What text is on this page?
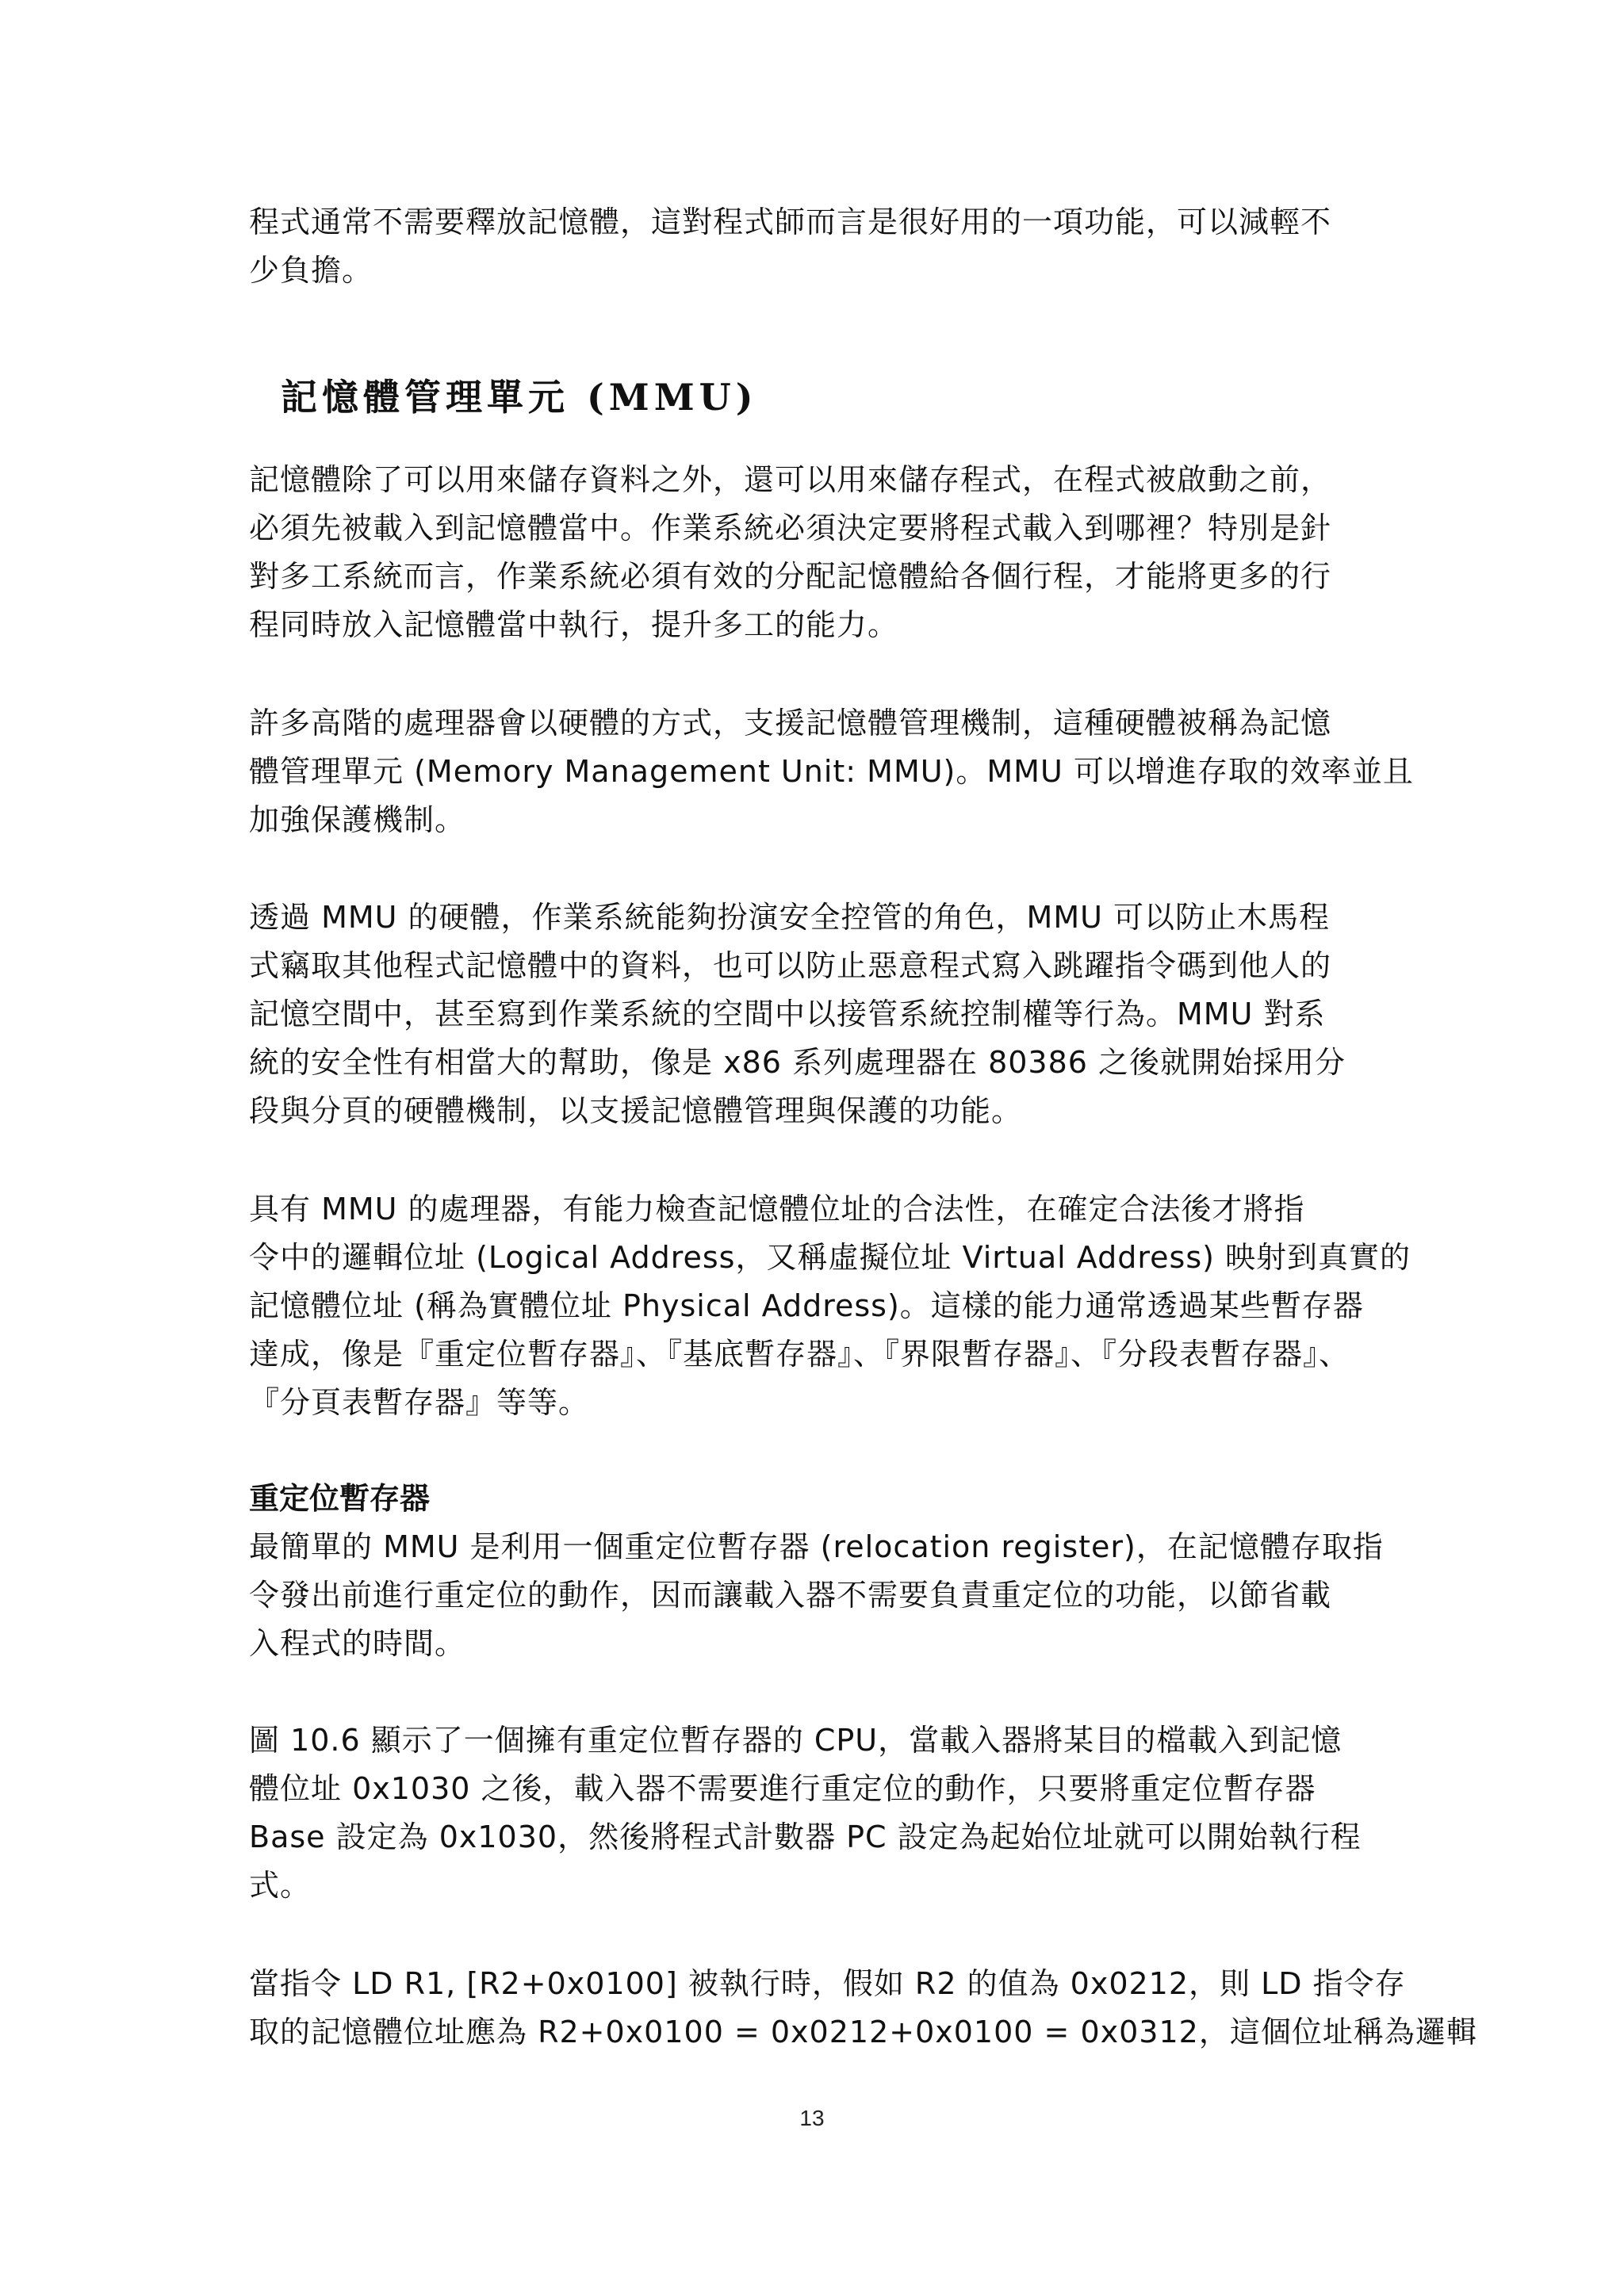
程式通常不需要釋放記憶體，這對程式師而言是很好用的一項功能，可以減輕不
少負擔。

記憶體管理單元 (MMU)

記憶體除了可以用來儲存資料之外，還可以用來儲存程式，在程式被啟動之前，
必須先被載入到記憶體當中。作業系統必須決定要將程式載入到哪裡？特別是針
對多工系統而言，作業系統必須有效的分配記憶體給各個行程，才能將更多的行
程同時放入記憶體當中執行，提升多工的能力。

許多高階的處理器會以硬體的方式，支援記憶體管理機制，這種硬體被稱為記憶
體管理單元 (Memory Management Unit: MMU)。MMU 可以增進存取的效率並且
加強保護機制。

透過 MMU 的硬體，作業系統能夠扮演安全控管的角色，MMU 可以防止木馬程
式竊取其他程式記憶體中的資料，也可以防止惡意程式寫入跳躍指令碼到他人的
記憶空間中，甚至寫到作業系統的空間中以接管系統控制權等行為。MMU 對系
統的安全性有相當大的幫助，像是 x86 系列處理器在 80386 之後就開始採用分
段與分頁的硬體機制，以支援記憶體管理與保護的功能。

具有 MMU 的處理器，有能力檢查記憶體位址的合法性，在確定合法後才將指
令中的邏輯位址 (Logical Address，又稱虛擬位址 Virtual Address) 映射到真實的
記憶體位址 (稱為實體位址 Physical Address)。這樣的能力通常透過某些暫存器
達成，像是『重定位暫存器』、『基底暫存器』、『界限暫存器』、『分段表暫存器』、
『分頁表暫存器』等等。

重定位暫存器

最簡單的 MMU 是利用一個重定位暫存器 (relocation register)，在記憶體存取指
令發出前進行重定位的動作，因而讓載入器不需要負責重定位的功能，以節省載
入程式的時間。

圖 10.6 顯示了一個擁有重定位暫存器的 CPU，當載入器將某目的檔載入到記憶
體位址 0x1030 之後，載入器不需要進行重定位的動作，只要將重定位暫存器
Base 設定為 0x1030，然後將程式計數器 PC 設定為起始位址就可以開始執行程
式。

當指令 LD R1, [R2+0x0100] 被執行時，假如 R2 的值為 0x0212，則 LD 指令存
取的記憶體位址應為 R2+0x0100 = 0x0212+0x0100 = 0x0312，這個位址稱為邏輯

13
